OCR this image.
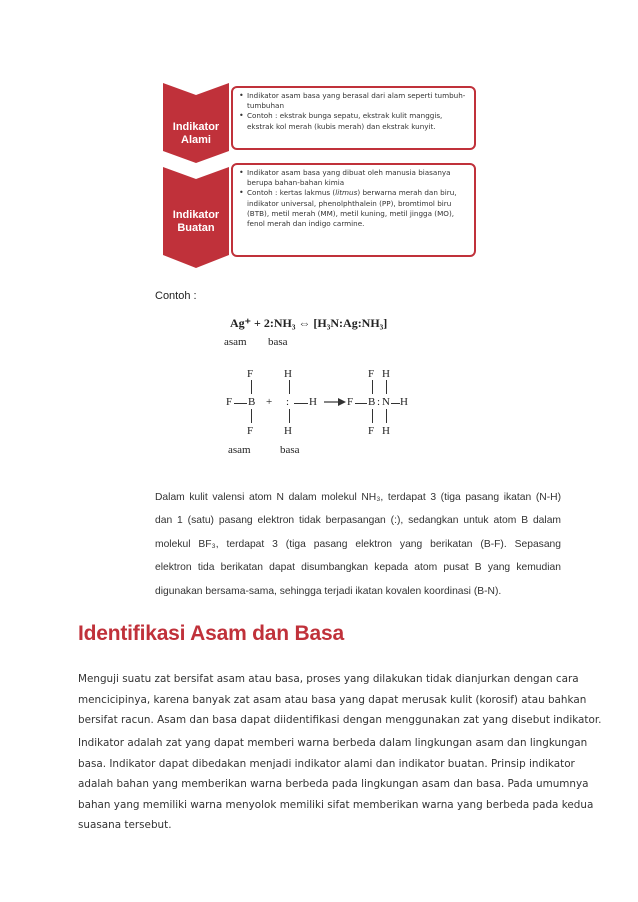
Indikator
Alami
Indikator
Buatan
• Indikator asam basa yang berasal dari alam seperti tumbuh-tumbuhan
• Contoh : ekstrak bunga sepatu, ekstrak kulit manggis, ekstrak kol merah (kubis merah) dan ekstrak kunyit.
• Indikator asam basa yang dibuat oleh manusia biasanya berupa bahan-bahan kimia
• Contoh : kertas lakmus (litmus) berwarna merah dan biru, indikator universal, phenolphthalein (PP), bromtimol biru (BTB), metil merah (MM), metil kuning, metil jingga (MO), fenol merah dan indigo carmine.
Contoh :
Ag⁺ + 2:NH₃ ⇔ [H₃N:Ag:NH₃]
asam basa
F
F B
F
+
H
: H
H
F H
F B : N H
F H
asam	basa
Dalam kulit valensi atom N dalam molekul NH₃, terdapat 3 (tiga pasang ikatan (N-H)
dan 1 (satu) pasang elektron tidak berpasangan (:), sedangkan untuk atom B dalam
molekul BF₃, terdapat 3 (tiga pasang elektron yang berikatan (B-F). Sepasang
elektron tida berikatan dapat disumbangkan kepada atom pusat B yang kemudian
digunakan bersama-sama, sehingga terjadi ikatan kovalen koordinasi (B-N).
Identifikasi Asam dan Basa
Menguji suatu zat bersifat asam atau basa, proses yang dilakukan tidak dianjurkan dengan cara
mencicipinya, karena banyak zat asam atau basa yang dapat merusak kulit (korosif) atau bahkan
bersifat racun. Asam dan basa dapat diidentifikasi dengan menggunakan zat yang disebut indikator.
Indikator adalah zat yang dapat memberi warna berbeda dalam lingkungan asam dan lingkungan
basa. Indikator dapat dibedakan menjadi indikator alami dan indikator buatan. Prinsip indikator
adalah bahan yang memberikan warna berbeda pada lingkungan asam dan basa. Pada umumnya
bahan yang memiliki warna menyolok memiliki sifat memberikan warna yang berbeda pada kedua
suasana tersebut.
